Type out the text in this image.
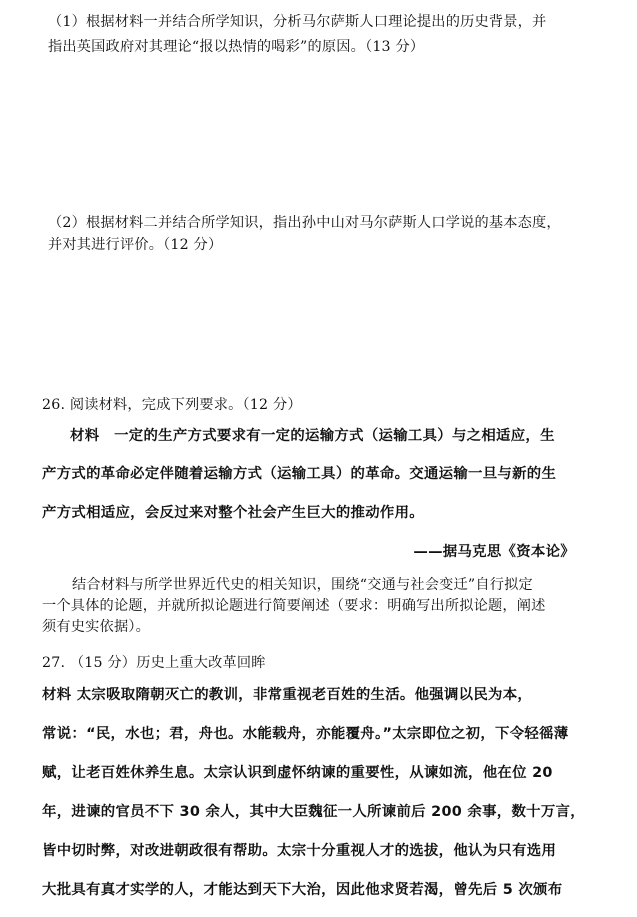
（1）根据材料一并结合所学知识，分析马尔萨斯人口理论提出的历史背景，并
指出英国政府对其理论“报以热情的喝彩”的原因。（13 分）
（2）根据材料二并结合所学知识，指出孙中山对马尔萨斯人口学说的基本态度，
并对其进行评价。（12 分）
26. 阅读材料，完成下列要求。（12 分）
材料　一定的生产方式要求有一定的运输方式（运输工具）与之相适应，生
产方式的革命必定伴随着运输方式（运输工具）的革命。交通运输一旦与新的生
产方式相适应，会反过来对整个社会产生巨大的推动作用。
——据马克思《资本论》
结合材料与所学世界近代史的相关知识，围绕“交通与社会变迁”自行拟定
一个具体的论题，并就所拟论题进行简要阐述（要求：明确写出所拟论题，阐述
须有史实依据）。
27. （15 分）历史上重大改革回眸
材料 太宗吸取隋朝灭亡的教训，非常重视老百姓的生活。他强调以民为本，
常说：“民，水也；君，舟也。水能载舟，亦能覆舟。”太宗即位之初，下令轻徭薄
赋，让老百姓休养生息。太宗认识到虚怀纳谏的重要性，从谏如流，他在位 20
年，进谏的官员不下 30 余人，其中大臣魏征一人所谏前后 200 余事，数十万言，
皆中切时弊，对改进朝政很有帮助。太宗十分重视人才的选拔，他认为只有选用
大批具有真才实学的人，才能达到天下大治，因此他求贤若渴，曾先后 5 次颁布
